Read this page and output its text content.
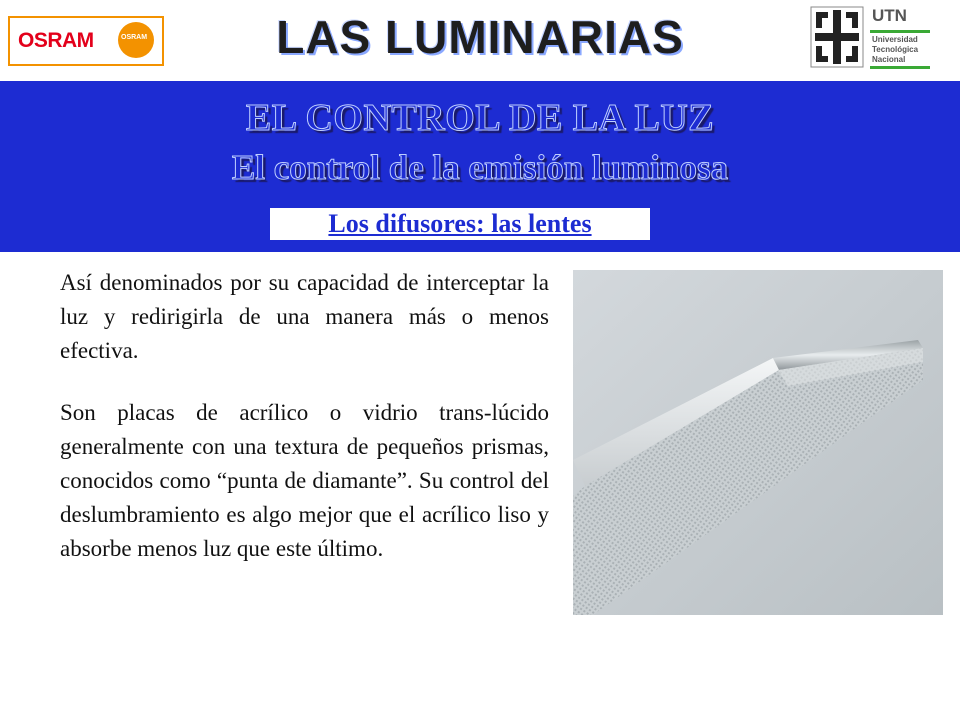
OSRAM	OSRAM	LAS LUMINARIAS	UTN
Universidad
Tecnológica
Nacional
EL CONTROL DE LA LUZ
El control de la emisión luminosa
Los difusores: las lentes
Así denominados por su capacidad de interceptar la luz y redirigirla de una manera más o menos efectiva.
Son placas de acrílico o vidrio trans-lúcido generalmente con una textura de pequeños prismas, conocidos como “punta de diamante”. Su control del deslumbramiento es algo mejor que el acrílico liso y absorbe menos luz que este último.
